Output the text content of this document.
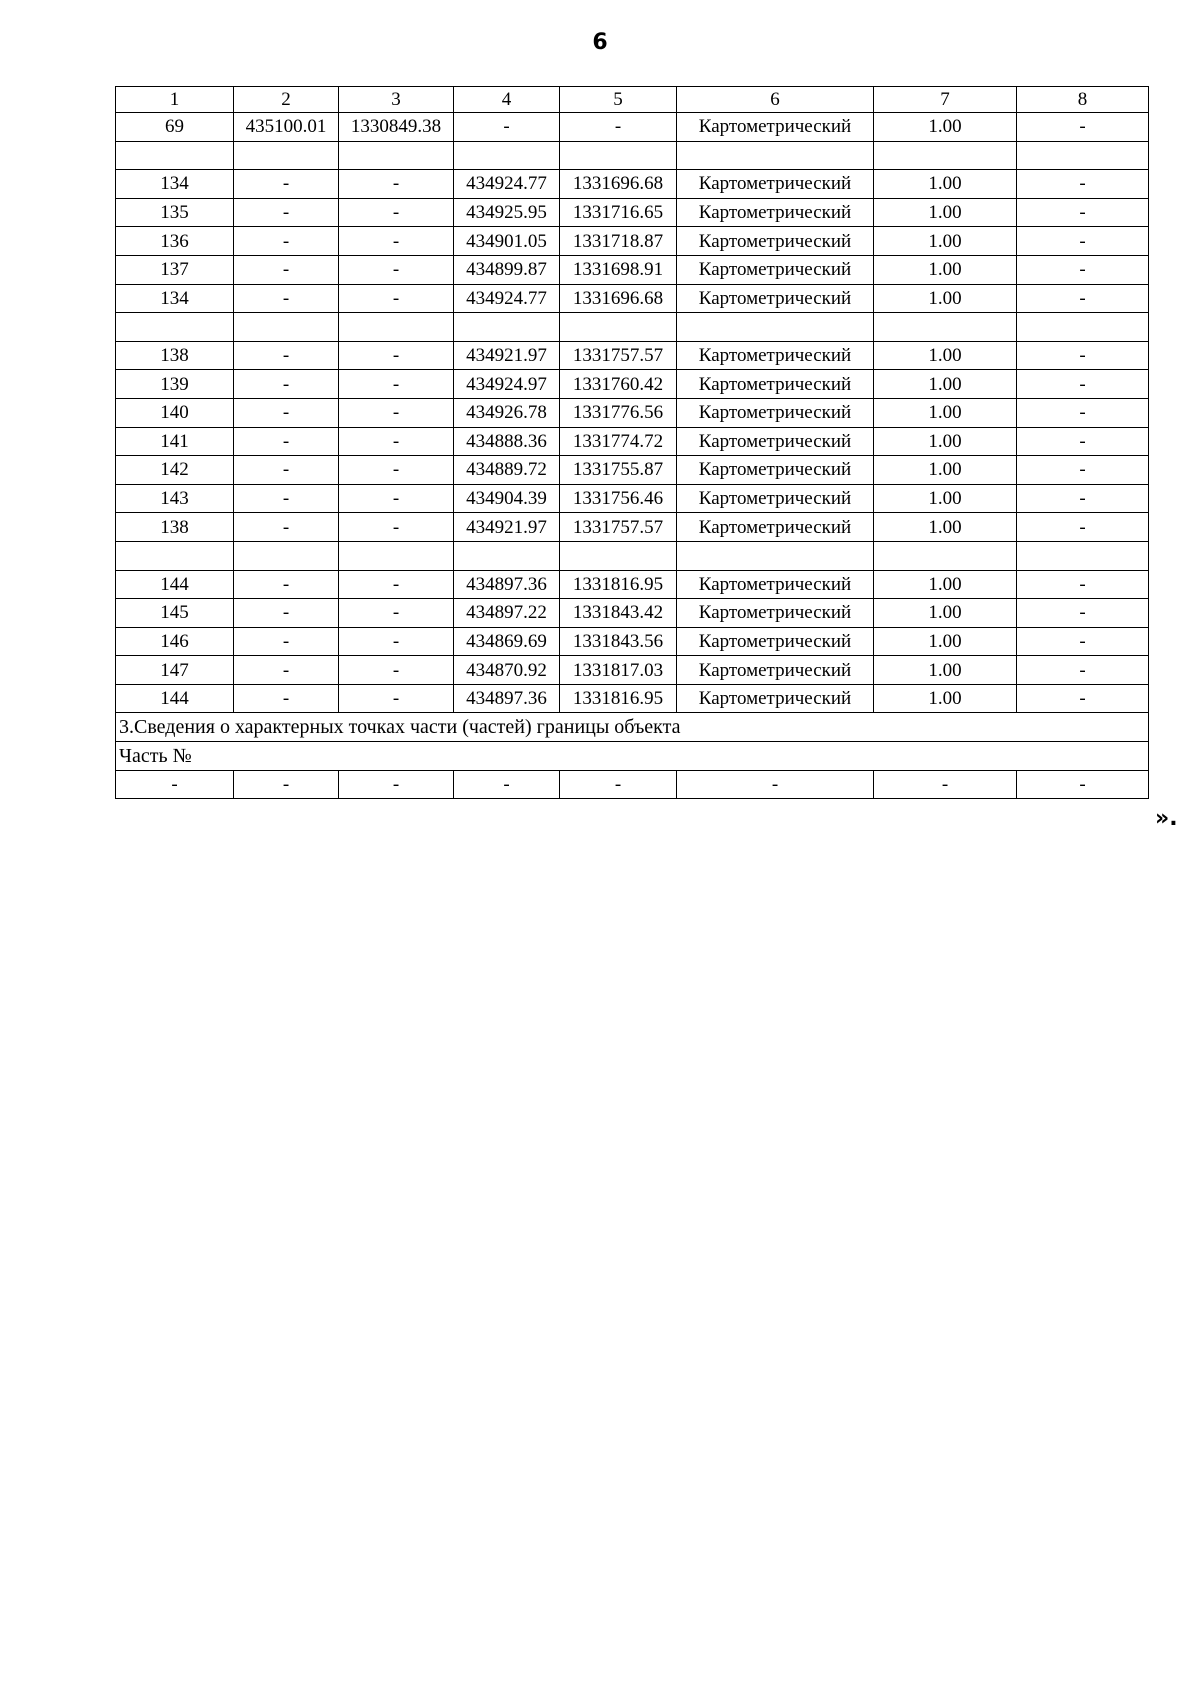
6
1	2	3	4	5	6	7	8
69	435100.01	1330849.38	-	-	Картометрический	1.00	-

134	-	-	434924.77	1331696.68	Картометрический	1.00	-
135	-	-	434925.95	1331716.65	Картометрический	1.00	-
136	-	-	434901.05	1331718.87	Картометрический	1.00	-
137	-	-	434899.87	1331698.91	Картометрический	1.00	-
134	-	-	434924.77	1331696.68	Картометрический	1.00	-

138	-	-	434921.97	1331757.57	Картометрический	1.00	-
139	-	-	434924.97	1331760.42	Картометрический	1.00	-
140	-	-	434926.78	1331776.56	Картометрический	1.00	-
141	-	-	434888.36	1331774.72	Картометрический	1.00	-
142	-	-	434889.72	1331755.87	Картометрический	1.00	-
143	-	-	434904.39	1331756.46	Картометрический	1.00	-
138	-	-	434921.97	1331757.57	Картометрический	1.00	-

144	-	-	434897.36	1331816.95	Картометрический	1.00	-
145	-	-	434897.22	1331843.42	Картометрический	1.00	-
146	-	-	434869.69	1331843.56	Картометрический	1.00	-
147	-	-	434870.92	1331817.03	Картометрический	1.00	-
144	-	-	434897.36	1331816.95	Картометрический	1.00	-
3.Сведения о характерных точках части (частей) границы объекта							
Часть №							
-	-	-	-	-	-	-	-
».
